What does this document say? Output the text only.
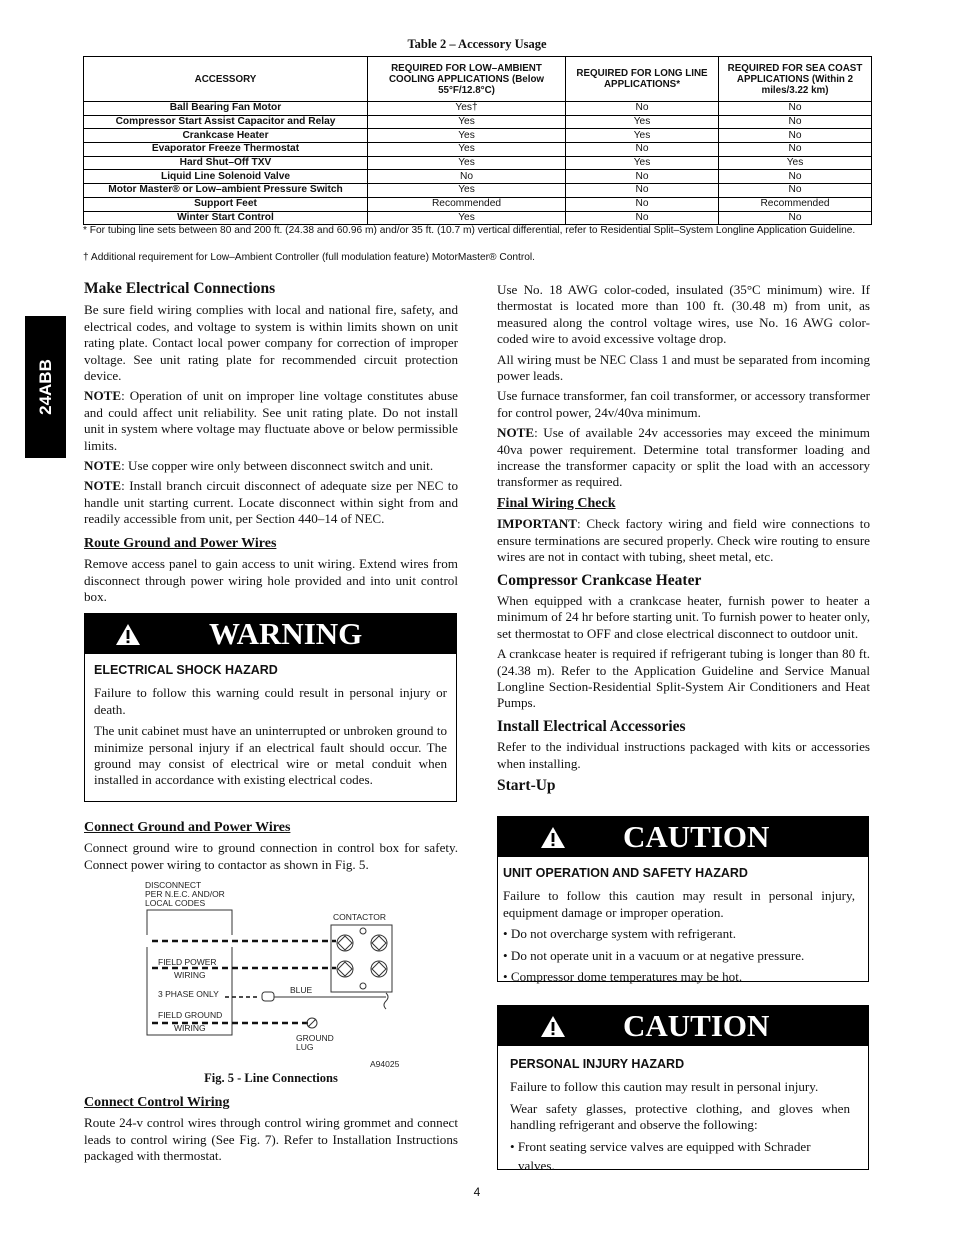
24ABB
Table 2 – Accessory Usage
ACCESSORY	REQUIRED FOR LOW–AMBIENT COOLING APPLICATIONS (Below 55°F/12.8°C)	REQUIRED FOR LONG LINE APPLICATIONS*	REQUIRED FOR SEA COAST APPLICATIONS (Within 2 miles/3.22 km)
Ball Bearing Fan Motor	Yes†	No	No
Compressor Start Assist Capacitor and Relay	Yes	Yes	No
Crankcase Heater	Yes	Yes	No
Evaporator Freeze Thermostat	Yes	No	No
Hard Shut–Off TXV	Yes	Yes	Yes
Liquid Line Solenoid Valve	No	No	No
Motor Master® or Low–ambient Pressure Switch	Yes	No	No
Support Feet	Recommended	No	Recommended
Winter Start Control	Yes	No	No
* For tubing line sets between 80 and 200 ft. (24.38 and 60.96 m) and/or 35 ft. (10.7 m) vertical differential, refer to Residential Split–System Longline Application Guideline.
† Additional requirement for Low–Ambient Controller (full modulation feature) MotorMaster® Control.
Make Electrical Connections

Be sure field wiring complies with local and national fire, safety, and electrical codes, and voltage to system is within limits shown on unit rating plate. Contact local power company for correction of improper voltage. See unit rating plate for recommended circuit protection device.

NOTE: Operation of unit on improper line voltage constitutes abuse and could affect unit reliability. See unit rating plate. Do not install unit in system where voltage may fluctuate above or below permissible limits.

NOTE: Use copper wire only between disconnect switch and unit.

NOTE: Install branch circuit disconnect of adequate size per NEC to handle unit starting current. Locate disconnect within sight from and readily accessible from unit, per Section 440–14 of NEC.

Route Ground and Power Wires

Remove access panel to gain access to unit wiring. Extend wires from disconnect through power wiring hole provided and into unit control box.

WARNING

ELECTRICAL SHOCK HAZARD

Failure to follow this warning could result in personal injury or death.

The unit cabinet must have an uninterrupted or unbroken ground to minimize personal injury if an electrical fault should occur. The ground may consist of electrical wire or metal conduit when installed in accordance with existing electrical codes.

Connect Ground and Power Wires

Connect ground wire to ground connection in control box for safety. Connect power wiring to contactor as shown in Fig. 5.

DISCONNECT
PER N.E.C. AND/OR
LOCAL CODES
CONTACTOR
FIELD POWER
WIRING
3 PHASE ONLY	BLUE
FIELD GROUND
WIRING
GROUND
LUG
A94025
Fig. 5 - Line Connections
Connect Control Wiring

Route 24-v control wires through control wiring grommet and connect leads to control wiring (See Fig. 7). Refer to Installation Instructions packaged with thermostat.

Use No. 18 AWG color-coded, insulated (35°C minimum) wire. If thermostat is located more than 100 ft. (30.48 m) from unit, as measured along the control voltage wires, use No. 16 AWG color-coded wire to avoid excessive voltage drop.

All wiring must be NEC Class 1 and must be separated from incoming power leads.

Use furnace transformer, fan coil transformer, or accessory transformer for control power, 24v/40va minimum.

NOTE: Use of available 24v accessories may exceed the minimum 40va power requirement. Determine total transformer loading and increase the transformer capacity or split the load with an accessory transformer as required.

Final Wiring Check

IMPORTANT: Check factory wiring and field wire connections to ensure terminations are secured properly. Check wire routing to ensure wires are not in contact with tubing, sheet metal, etc.

Compressor Crankcase Heater

When equipped with a crankcase heater, furnish power to heater a minimum of 24 hr before starting unit. To furnish power to heater only, set thermostat to OFF and close electrical disconnect to outdoor unit.

A crankcase heater is required if refrigerant tubing is longer than 80 ft. (24.38 m). Refer to the Application Guideline and Service Manual Longline Section-Residential Split-System Air Conditioners and Heat Pumps.

Install Electrical Accessories

Refer to the individual instructions packaged with kits or accessories when installing.

Start-Up
CAUTION

UNIT OPERATION AND SAFETY HAZARD

Failure to follow this caution may result in personal injury, equipment damage or improper operation.

• Do not overcharge system with refrigerant.

• Do not operate unit in a vacuum or at negative pressure.

• Compressor dome temperatures may be hot.

CAUTION

PERSONAL INJURY HAZARD

Failure to follow this caution may result in personal injury.

Wear safety glasses, protective clothing, and gloves when handling refrigerant and observe the following:

• Front seating service valves are equipped with Schrader

valves.

4
